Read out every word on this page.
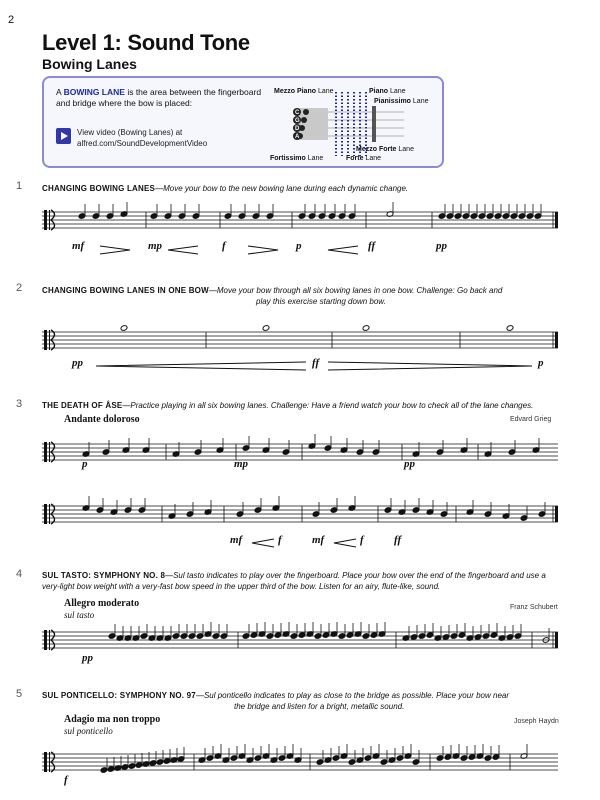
2
Level 1: Sound Tone
Bowing Lanes
A BOWING LANE is the area between the fingerboard and bridge where the bow is placed:
View video (Bowing Lanes) at
alfred.com/SoundDevelopmentVideo
Mezzo Piano Lane	Piano Lane
Pianissimo Lane
Mezzo Forte Lane
Fortissimo Lane	Forte Lane
C
G
D
A
1 CHANGING BOWING LANES—Move your bow to the new bowing lane during each dynamic change.
mf	mp	f	p	ff	pp
2 CHANGING BOWING LANES IN ONE BOW—Move your bow through all six bowing lanes in one bow. Challenge: Go back and
play this exercise starting down bow.
pp	ff	p
3 THE DEATH OF ÅSE—Practice playing in all six bowing lanes. Challenge: Have a friend watch your bow to check all of the lane changes.
Andante doloroso	Edvard Grieg
p	mp	pp
mf	f	mf	f	ff
4 SUL TASTO: SYMPHONY NO. 8—Sul tasto indicates to play over the fingerboard. Place your bow over the end of the fingerboard and use a very-light bow weight with a very-fast bow speed in the upper third of the bow. Listen for an airy, flute-like, sound.
Allegro moderato
sul tasto
Franz Schubert
pp
5 SUL PONTICELLO: SYMPHONY NO. 97—Sul ponticello indicates to play as close to the bridge as possible. Place your bow near
the bridge and listen for a bright, metallic sound.
Adagio ma non troppo
sul ponticello
Joseph Haydn
f
